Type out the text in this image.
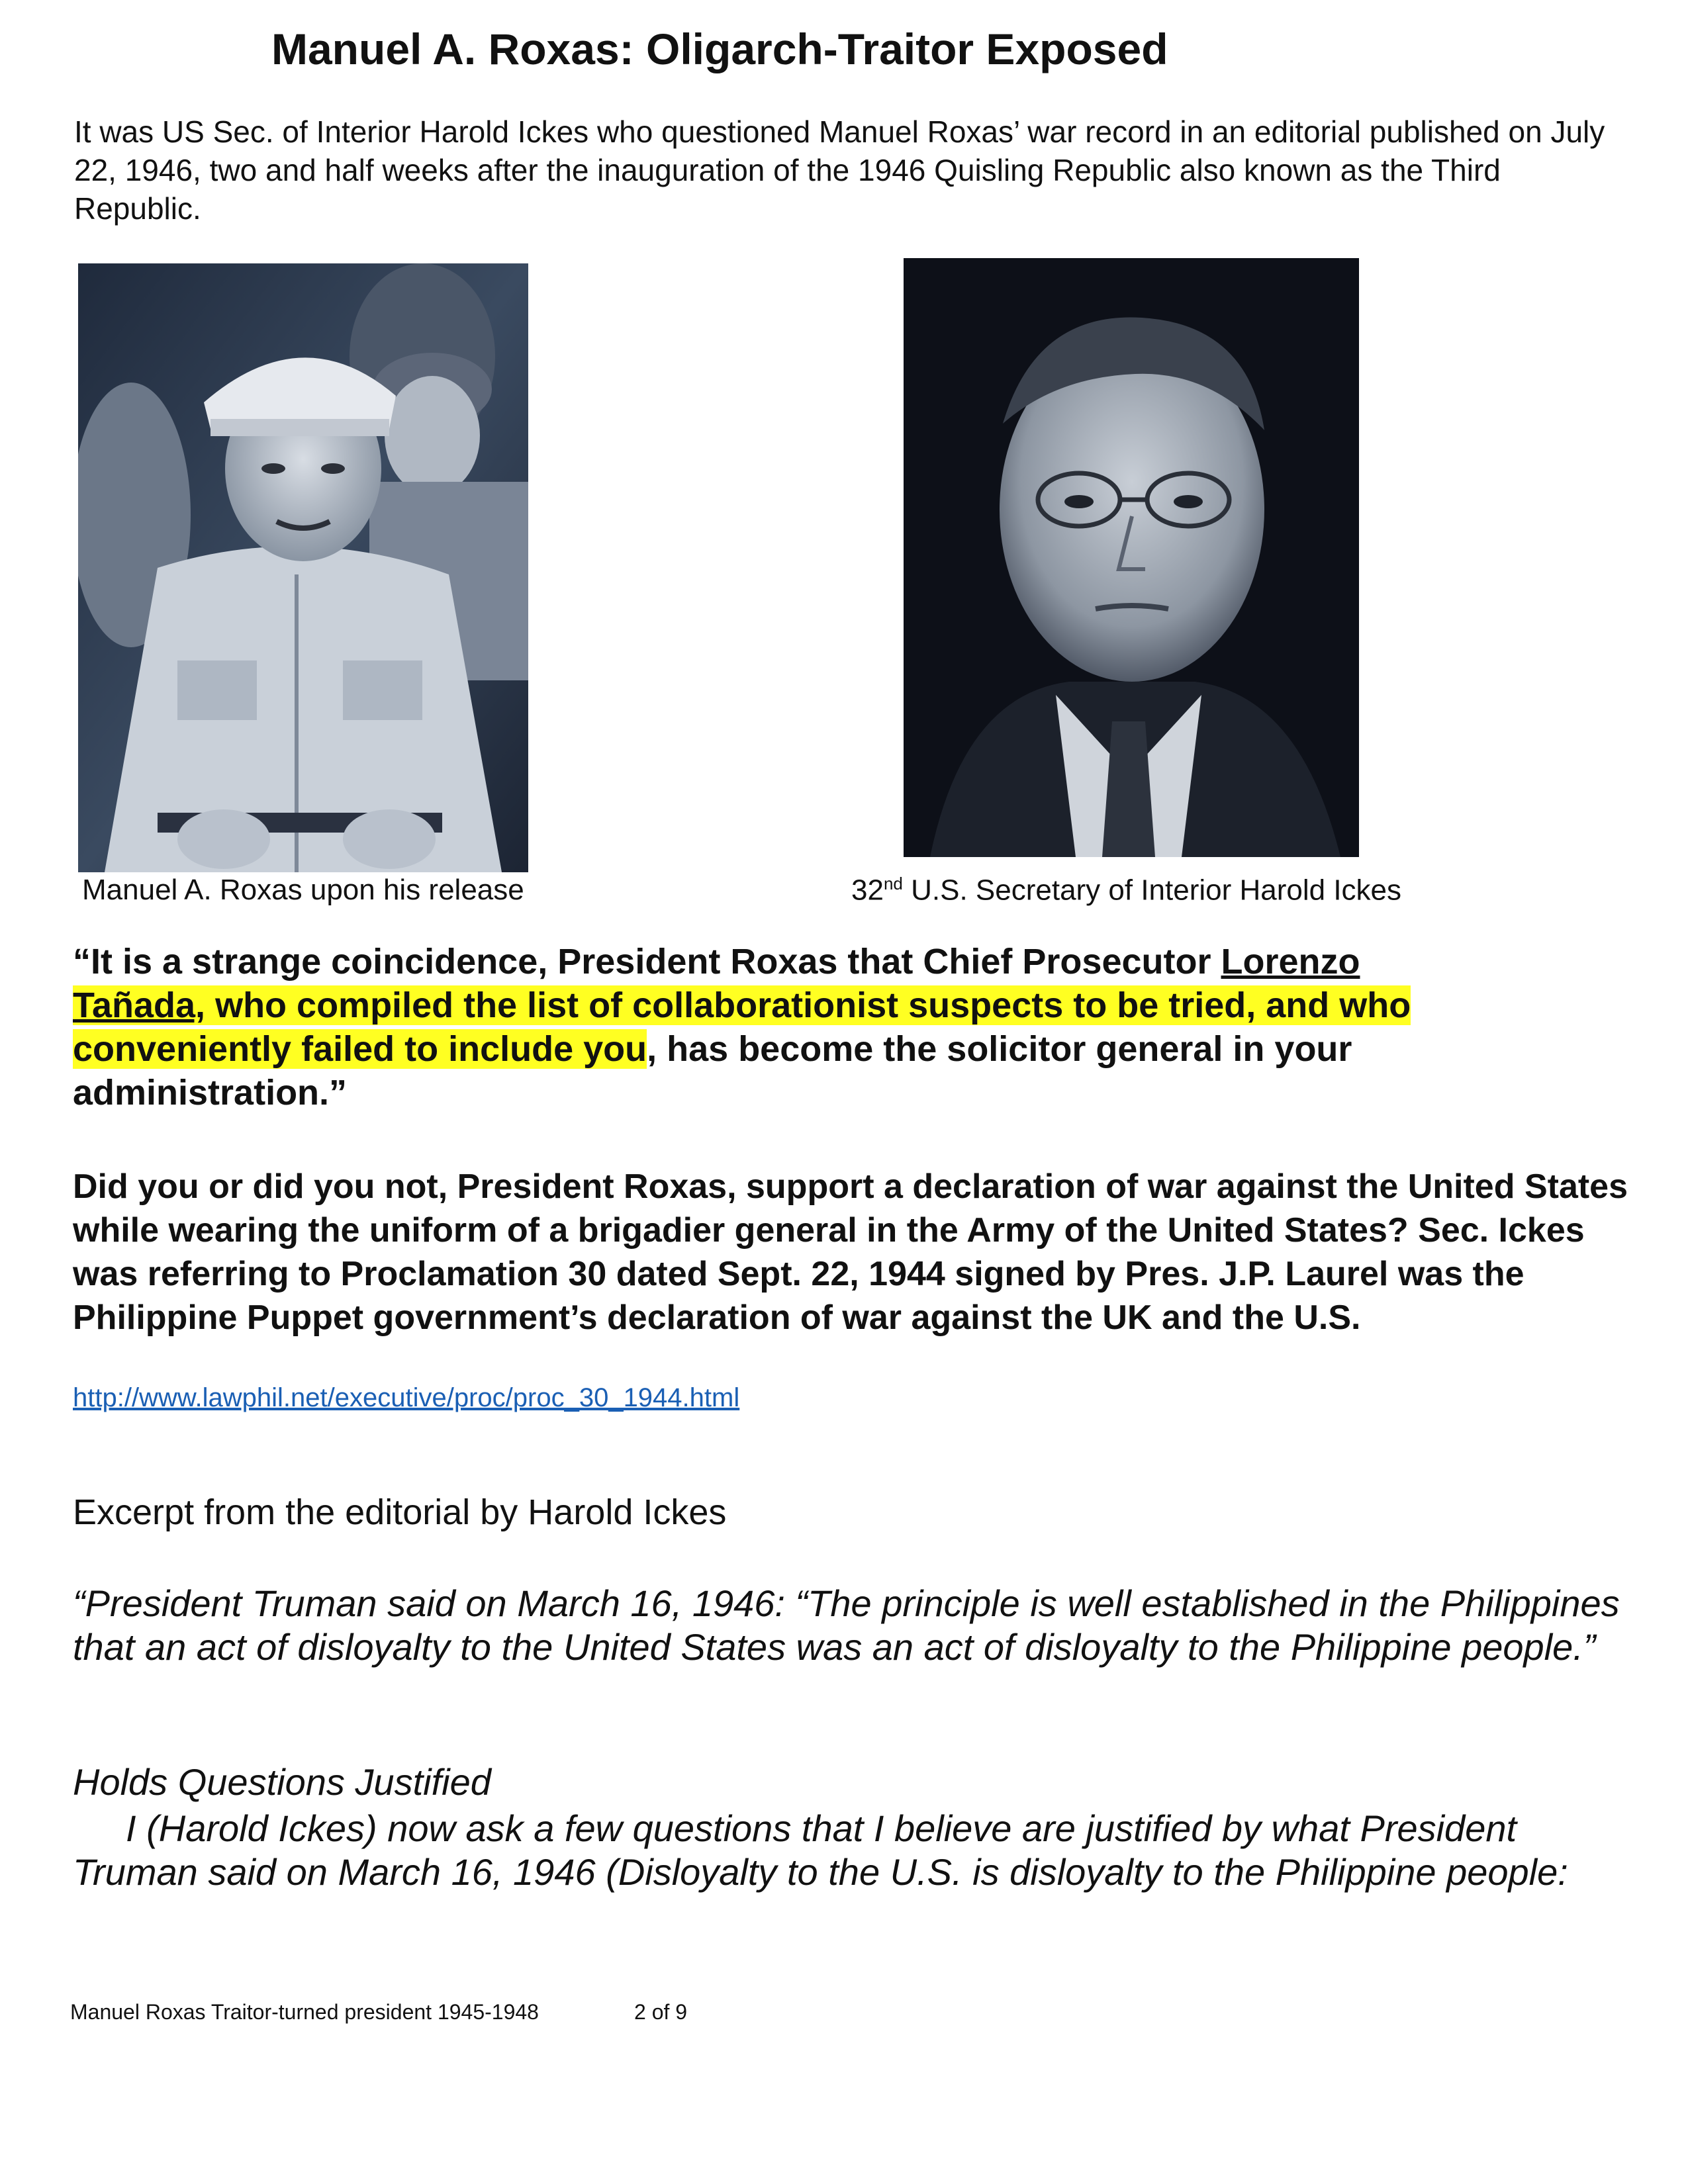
Manuel A. Roxas: Oligarch-Traitor Exposed

It was US Sec. of Interior Harold Ickes who questioned Manuel Roxas’ war record in an editorial published on July 22, 1946, two and half weeks after the inauguration of the 1946 Quisling Republic also known as the Third Republic.

Manuel A. Roxas upon his release	32nd U.S. Secretary of Interior Harold Ickes

“It is a strange coincidence, President Roxas that Chief Prosecutor Lorenzo
Tañada, who compiled the list of collaborationist suspects to be tried, and who conveniently failed to include you, has become the solicitor general in your administration.”

Did you or did you not, President Roxas, support a declaration of war against the United States while wearing the uniform of a brigadier general in the Army of the United States? Sec. Ickes was referring to Proclamation 30 dated Sept. 22, 1944 signed by Pres. J.P. Laurel was the Philippine Puppet government’s declaration of war against the UK and the U.S.

http://www.lawphil.net/executive/proc/proc_30_1944.html

Excerpt from the editorial by Harold Ickes

“President Truman said on March 16, 1946: “The principle is well established in the Philippines that an act of disloyalty to the United States was an act of disloyalty to the Philippine people.”

Holds Questions Justified

I (Harold Ickes) now ask a few questions that I believe are justified by what President Truman said on March 16, 1946 (Disloyalty to the U.S. is disloyalty to the Philippine people:

Manuel Roxas Traitor-turned president 1945-1948	2 of 9
